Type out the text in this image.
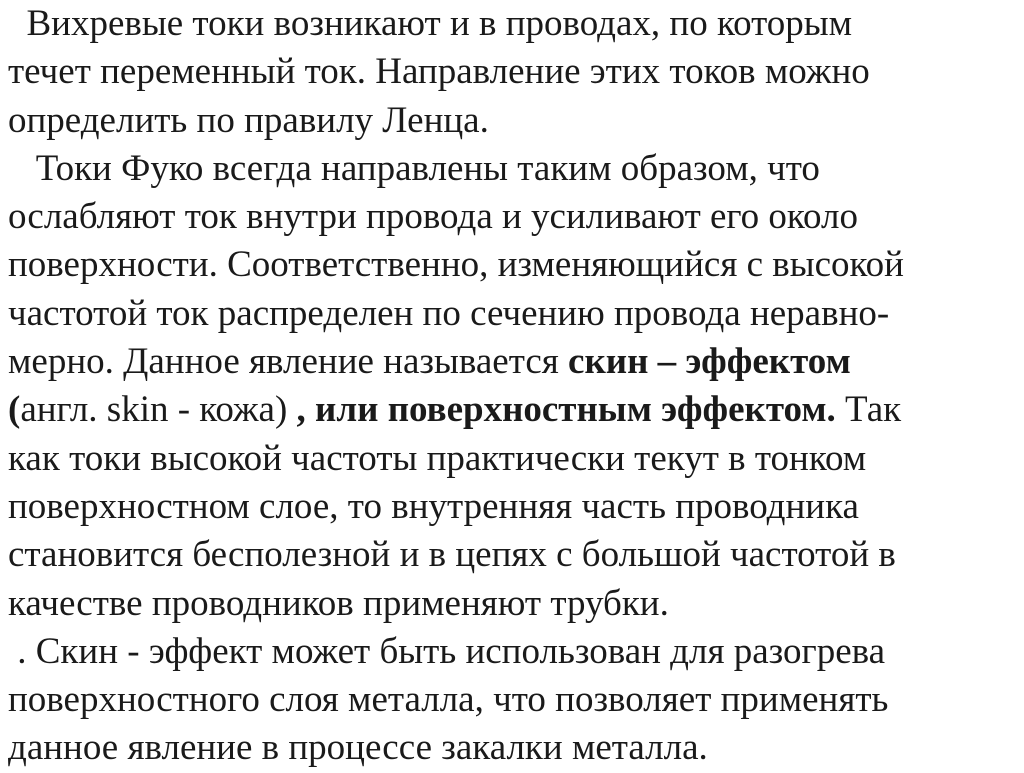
Вихревые токи возникают и в проводах, по которым
течет переменный ток. Направление этих токов можно
определить по правилу Ленца.
Токи Фуко всегда направлены таким образом, что
ослабляют ток внутри провода и усиливают его около
поверхности. Соответственно, изменяющийся с высокой
частотой ток распределен по сечению провода неравно-
мерно. Данное явление называется скин – эффектом
(англ. skin - кожа) , или поверхностным эффектом. Так
как токи высокой частоты практически текут в тонком
поверхностном слое, то внутренняя часть проводника
становится бесполезной и в цепях с большой частотой в
качестве проводников применяют трубки.
. Скин - эффект может быть использован для разогрева
поверхностного слоя металла, что позволяет применять
данное явление в процессе закалки металла.
